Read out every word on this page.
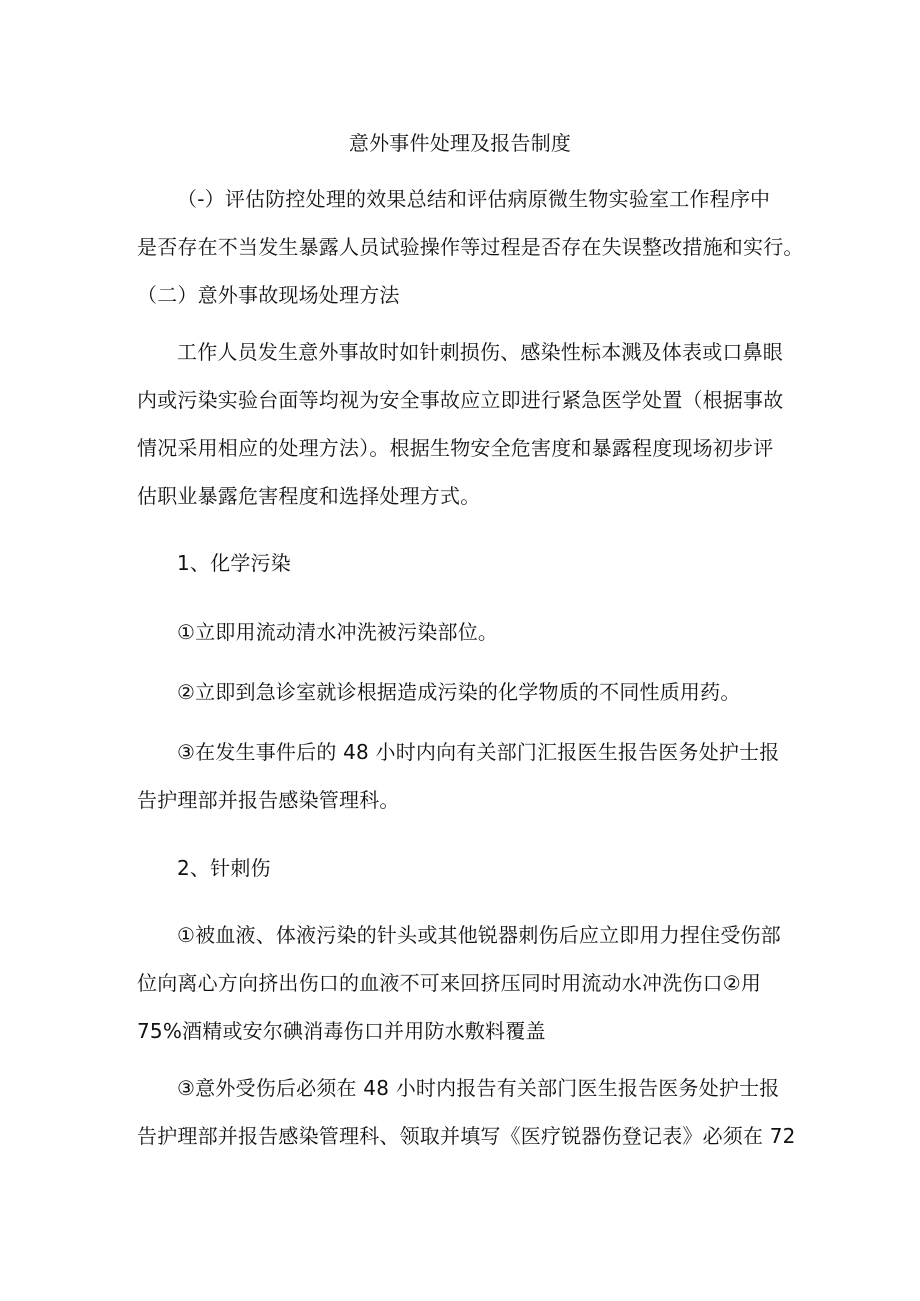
意外事件处理及报告制度
（-）评估防控处理的效果总结和评估病原微生物实验室工作程序中
是否存在不当发生暴露人员试验操作等过程是否存在失误整改措施和实行。
（二）意外事故现场处理方法
工作人员发生意外事故时如针刺损伤、感染性标本溅及体表或口鼻眼
内或污染实验台面等均视为安全事故应立即进行紧急医学处置（根据事故
情况采用相应的处理方法）。根据生物安全危害度和暴露程度现场初步评
估职业暴露危害程度和选择处理方式。
1、化学污染
①立即用流动清水冲洗被污染部位。
②立即到急诊室就诊根据造成污染的化学物质的不同性质用药。
③在发生事件后的 48 小时内向有关部门汇报医生报告医务处护士报
告护理部并报告感染管理科。
2、针刺伤
①被血液、体液污染的针头或其他锐器刺伤后应立即用力捏住受伤部
位向离心方向挤出伤口的血液不可来回挤压同时用流动水冲洗伤口②用
75%酒精或安尔碘消毒伤口并用防水敷料覆盖
③意外受伤后必须在 48 小时内报告有关部门医生报告医务处护士报
告护理部并报告感染管理科、领取并填写《医疗锐器伤登记表》必须在 72
